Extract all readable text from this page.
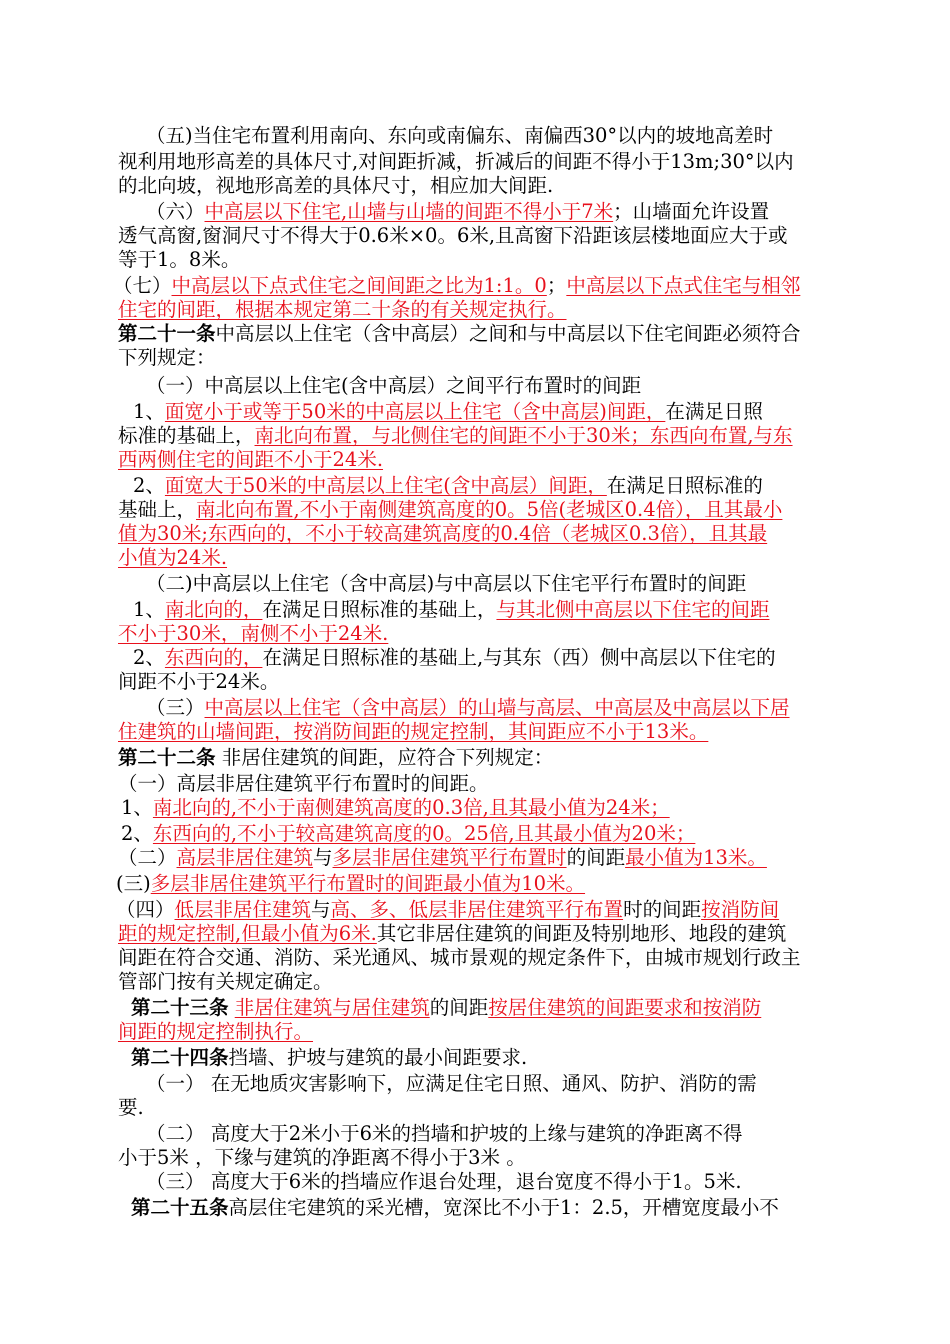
（五)当住宅布置利用南向、东向或南偏东、南偏西30°以内的坡地高差时
视利用地形高差的具体尺寸,对间距折减，折减后的间距不得小于13m;30°以内
的北向坡，视地形高差的具体尺寸，相应加大间距.
（六）中高层以下住宅,山墙与山墙的间距不得小于7米；山墙面允许设置
透气高窗,窗洞尺寸不得大于0.6米×0。6米,且高窗下沿距该层楼地面应大于或
等于1。8米。
（七）中高层以下点式住宅之间间距之比为1:1。0；中高层以下点式住宅与相邻
住宅的间距，根据本规定第二十条的有关规定执行。
第二十一条中高层以上住宅（含中高层）之间和与中高层以下住宅间距必须符合
下列规定：
（一）中高层以上住宅(含中高层）之间平行布置时的间距
1、面宽小于或等于50米的中高层以上住宅（含中高层)间距，在满足日照
标准的基础上，南北向布置，与北侧住宅的间距不小于30米；东西向布置,与东
西两侧住宅的间距不小于24米.
2、面宽大于50米的中高层以上住宅(含中高层）间距，在满足日照标准的
基础上，南北向布置,不小于南侧建筑高度的0。5倍(老城区0.4倍），且其最小
值为30米;东西向的，不小于较高建筑高度的0.4倍（老城区0.3倍），且其最
小值为24米.
（二)中高层以上住宅（含中高层)与中高层以下住宅平行布置时的间距
1、南北向的，在满足日照标准的基础上，与其北侧中高层以下住宅的间距
不小于30米，南侧不小于24米.
2、东西向的，在满足日照标准的基础上,与其东（西）侧中高层以下住宅的
间距不小于24米。
（三）中高层以上住宅（含中高层）的山墙与高层、中高层及中高层以下居
住建筑的山墙间距，按消防间距的规定控制，其间距应不小于13米。
第二十二条 非居住建筑的间距，应符合下列规定：
（一）高层非居住建筑平行布置时的间距。
1、南北向的,不小于南侧建筑高度的0.3倍,且其最小值为24米；
2、东西向的,不小于较高建筑高度的0。25倍,且其最小值为20米；
（二）高层非居住建筑与多层非居住建筑平行布置时的间距最小值为13米。
(三)多层非居住建筑平行布置时的间距最小值为10米。
（四）低层非居住建筑与高、多、低层非居住建筑平行布置时的间距按消防间
距的规定控制,但最小值为6米.其它非居住建筑的间距及特别地形、地段的建筑
间距在符合交通、消防、采光通风、城市景观的规定条件下，由城市规划行政主
管部门按有关规定确定。
第二十三条 非居住建筑与居住建筑的间距按居住建筑的间距要求和按消防
间距的规定控制执行。
第二十四条挡墙、护坡与建筑的最小间距要求.
（一） 在无地质灾害影响下，应满足住宅日照、通风、防护、消防的需
要.
（二） 高度大于2米小于6米的挡墙和护坡的上缘与建筑的净距离不得
小于5米 ，下缘与建筑的净距离不得小于3米 。
（三） 高度大于6米的挡墙应作退台处理，退台宽度不得小于1。5米.
第二十五条高层住宅建筑的采光槽，宽深比不小于1：2.5，开槽宽度最小不
